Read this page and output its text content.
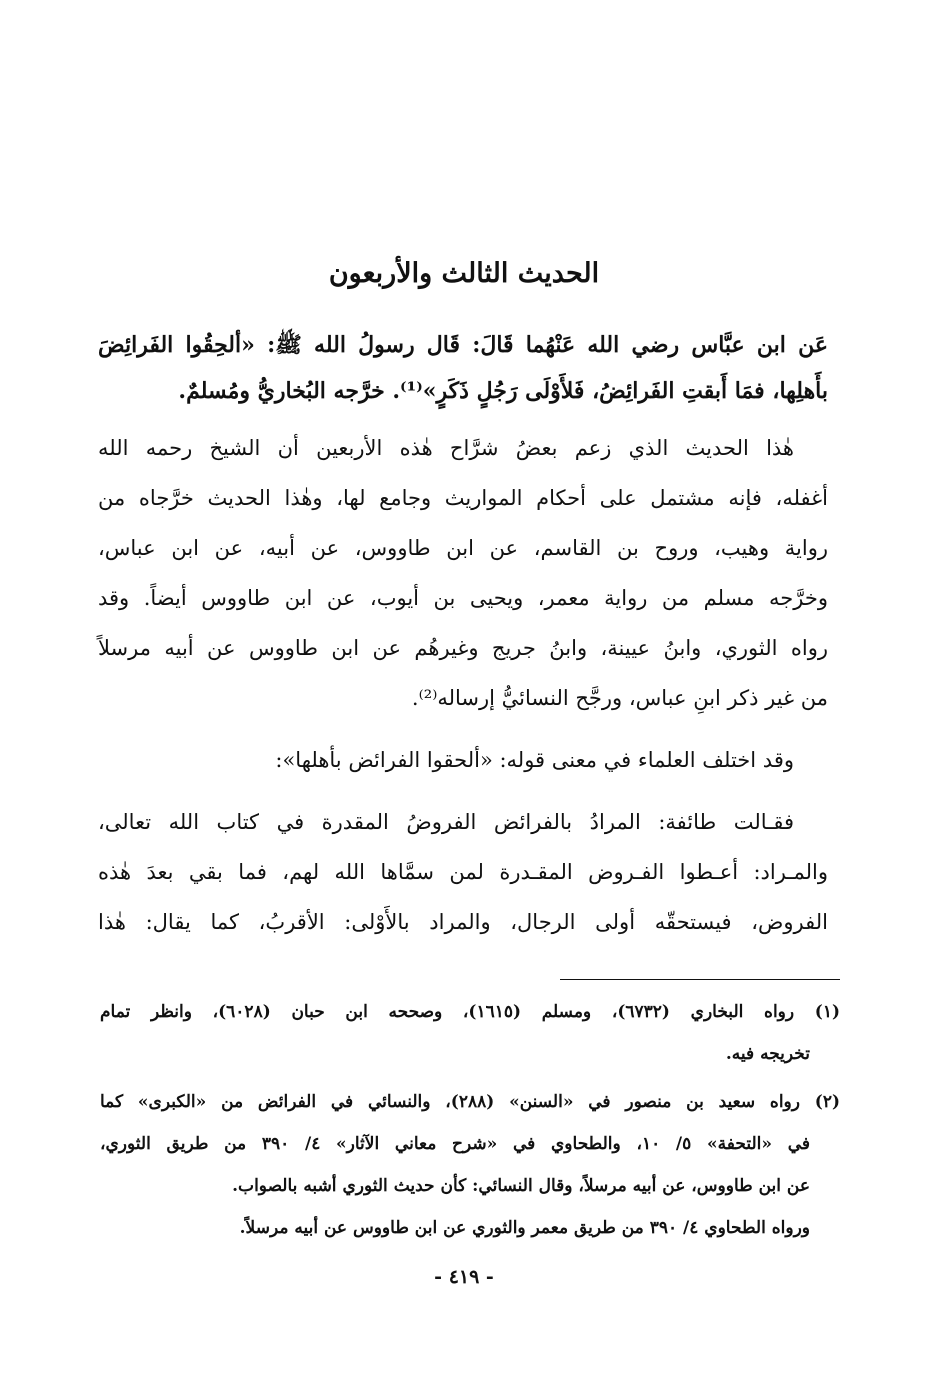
الحديث الثالث والأربعون
عَن ابن عبَّاس رضي الله عَنْهُما قَالَ: قَال رسولُ الله ﷺ: «ألحِقُوا الفَرائِضَ
بأَهلِها، فمَا أَبقتِ الفَرائِضُ، فَلأَوْلَى رَجُلٍ ذَكَرٍ»⁽¹⁾. خرَّجه البُخاريُّ ومُسلمٌ.
هٰذا الحديث الذي زعم بعضُ شرَّاح هٰذه الأربعين أن الشيخ رحمه الله
أغفله، فإنه مشتمل على أحكام المواريث وجامع لها، وهٰذا الحديث خرَّجاه من
رواية وهيب، وروح بن القاسم، عن ابن طاووس، عن أبيه، عن ابن عباس،
وخرَّجه مسلم من رواية معمر، ويحيى بن أيوب، عن ابن طاووس أيضاً. وقد
رواه الثوري، وابنُ عيينة، وابنُ جريج وغيرهُم عن ابن طاووس عن أبيه مرسلاً
من غير ذكر ابنِ عباس، ورجَّح النسائيُّ إرساله⁽²⁾.
وقد اختلف العلماء في معنى قوله: «ألحقوا الفرائض بأهلها»:
فقـالت طائفة: المرادُ بالفرائض الفروضُ المقدرة في كتاب الله تعالى،
والمـراد: أعـطوا الفـروض المقـدرة لمن سمَّاها الله لهم، فما بقي بعدَ هٰذه
الفروض، فيستحقّه أولى الرجال، والمراد بالأَوْلى: الأقربُ، كما يقال: هٰذا
(١) رواه البخاري (٦٧٣٢)، ومسلم (١٦١٥)، وصححه ابن حبان (٦٠٢٨)، وانظر تمام
تخريجه فيه.
(٢) رواه سعيد بن منصور في «السنن» (٢٨٨)، والنسائي في الفرائض من «الكبرى» كما
في «التحفة» ٥/ ١٠، والطحاوي في «شرح معاني الآثار» ٤/ ٣٩٠ من طريق الثوري،
عن ابن طاووس، عن أبيه مرسلاً، وقال النسائي: كأن حديث الثوري أشبه بالصواب.
ورواه الطحاوي ٤/ ٣٩٠ من طريق معمر والثوري عن ابن طاووس عن أبيه مرسلاً.
- ٤١٩ -
